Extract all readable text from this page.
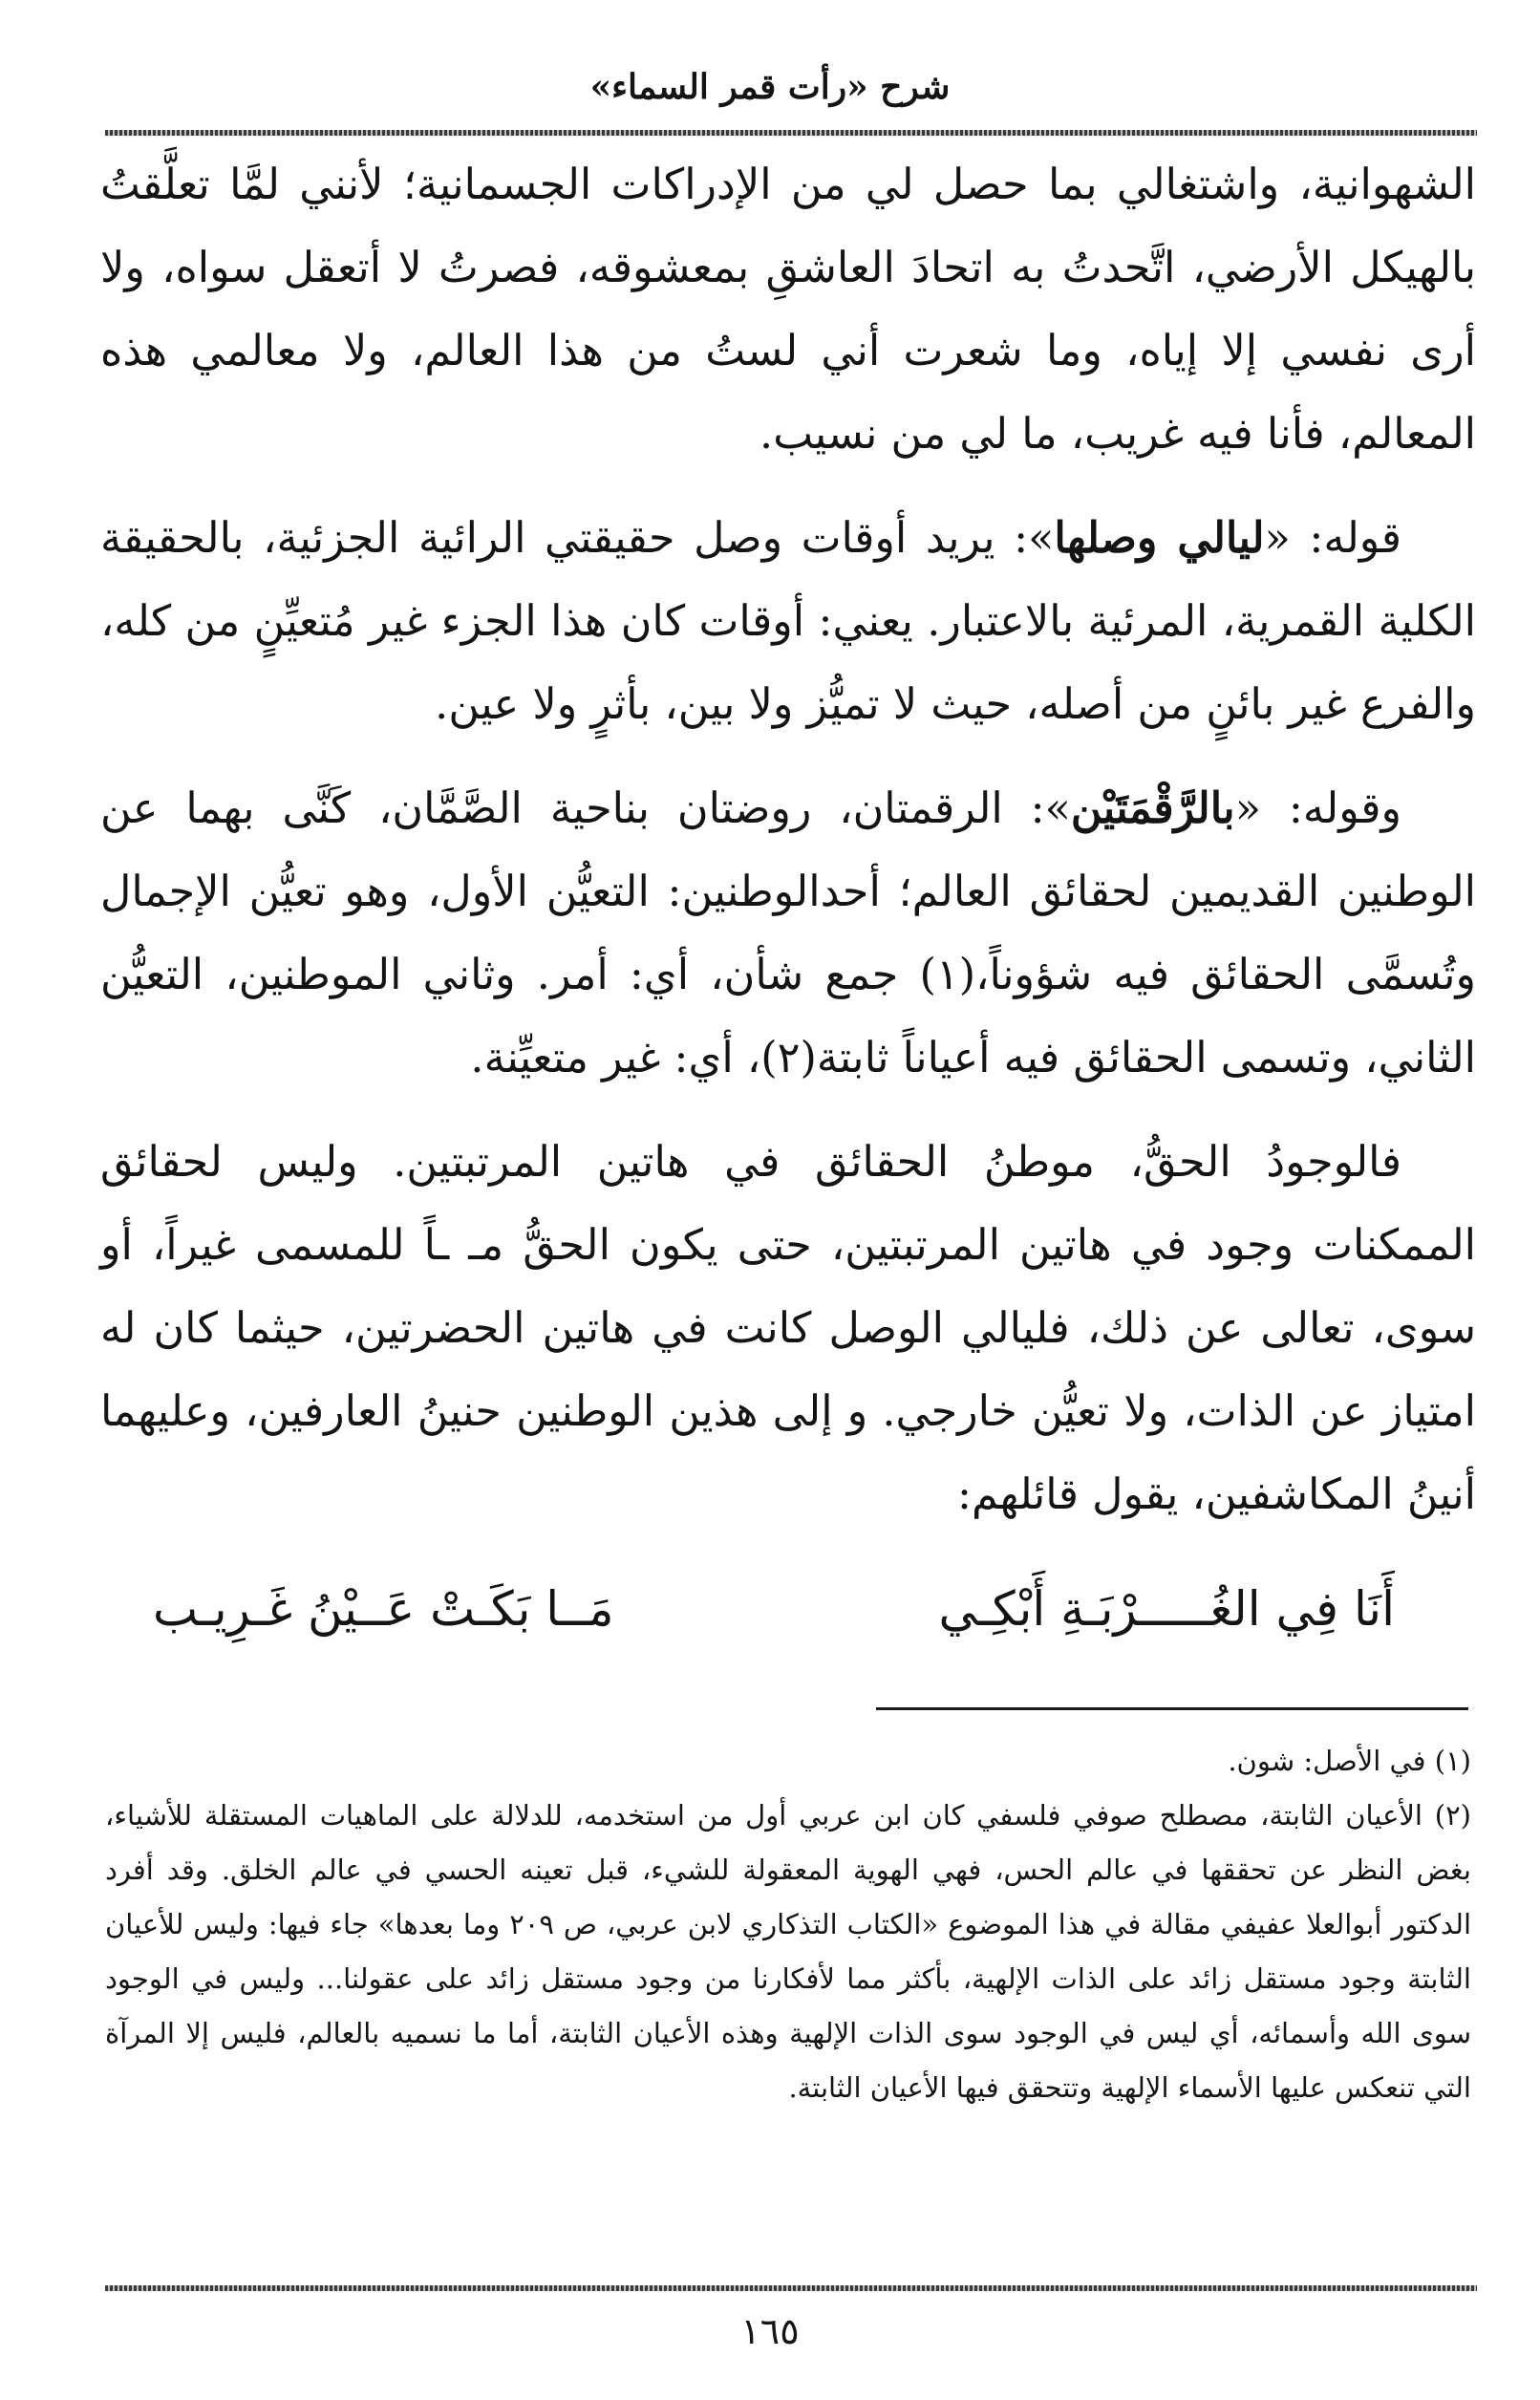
شرح «رأت قمر السماء»

الشهوانية، واشتغالي بما حصل لي من الإدراكات الجسمانية؛ لأنني لمَّا تعلَّقتُ بالهيكل الأرضي، اتَّحدتُ به اتحادَ العاشقِ بمعشوقه، فصرتُ لا أتعقل سواه، ولا أرى نفسي إلا إياه، وما شعرت أني لستُ من هذا العالم، ولا معالمي هذه المعالم، فأنا فيه غريب، ما لي من نسيب.

قوله: «ليالي وصلها»: يريد أوقات وصل حقيقتي الرائية الجزئية، بالحقيقة الكلية القمرية، المرئية بالاعتبار. يعني: أوقات كان هذا الجزء غير مُتعيِّنٍ من كله، والفرع غير بائنٍ من أصله، حيث لا تميُّز ولا بين، بأثرٍ ولا عين.

وقوله: «بالرَّقْمَتَيْن»: الرقمتان، روضتان بناحية الصَّمَّان، كَنَّى بهما عن الوطنين القديمين لحقائق العالم؛ أحدالوطنين: التعيُّن الأول، وهو تعيُّن الإجمال وتُسمَّى الحقائق فيه شؤوناً،(١) جمع شأن، أي: أمر. وثاني الموطنين، التعيُّن الثاني، وتسمى الحقائق فيه أعياناً ثابتة(٢)، أي: غير متعيِّنة.

فالوجودُ الحقُّ، موطنُ الحقائق في هاتين المرتبتين. وليس لحقائق الممكنات وجود في هاتين المرتبتين، حتى يكون الحقُّ مـ ـاً للمسمى غيراً، أو سوى، تعالى عن ذلك، فليالي الوصل كانت في هاتين الحضرتين، حيثما كان له امتياز عن الذات، ولا تعيُّن خارجي. و إلى هذين الوطنين حنينُ العارفين، وعليهما أنينُ المكاشفين، يقول قائلهم:

أَنَا فِي الغُـــــرْبَـةِ أَبْكِـي
مَــا بَكَـتْ عَــيْنُ غَـرِيـب

(١) في الأصل: شون.

(٢) الأعيان الثابتة، مصطلح صوفي فلسفي كان ابن عربي أول من استخدمه، للدلالة على الماهيات المستقلة للأشياء، بغض النظر عن تحققها في عالم الحس، فهي الهوية المعقولة للشيء، قبل تعينه الحسي في عالم الخلق. وقد أفرد الدكتور أبوالعلا عفيفي مقالة في هذا الموضوع «الكتاب التذكاري لابن عربي، ص ٢٠٩ وما بعدها» جاء فيها: وليس للأعيان الثابتة وجود مستقل زائد على الذات الإلهية، بأكثر مما لأفكارنا من وجود مستقل زائد على عقولنا... وليس في الوجود سوى الله وأسمائه، أي ليس في الوجود سوى الذات الإلهية وهذه الأعيان الثابتة، أما ما نسميه بالعالم، فليس إلا المرآة التي تنعكس عليها الأسماء الإلهية وتتحقق فيها الأعيان الثابتة.

١٦٥
